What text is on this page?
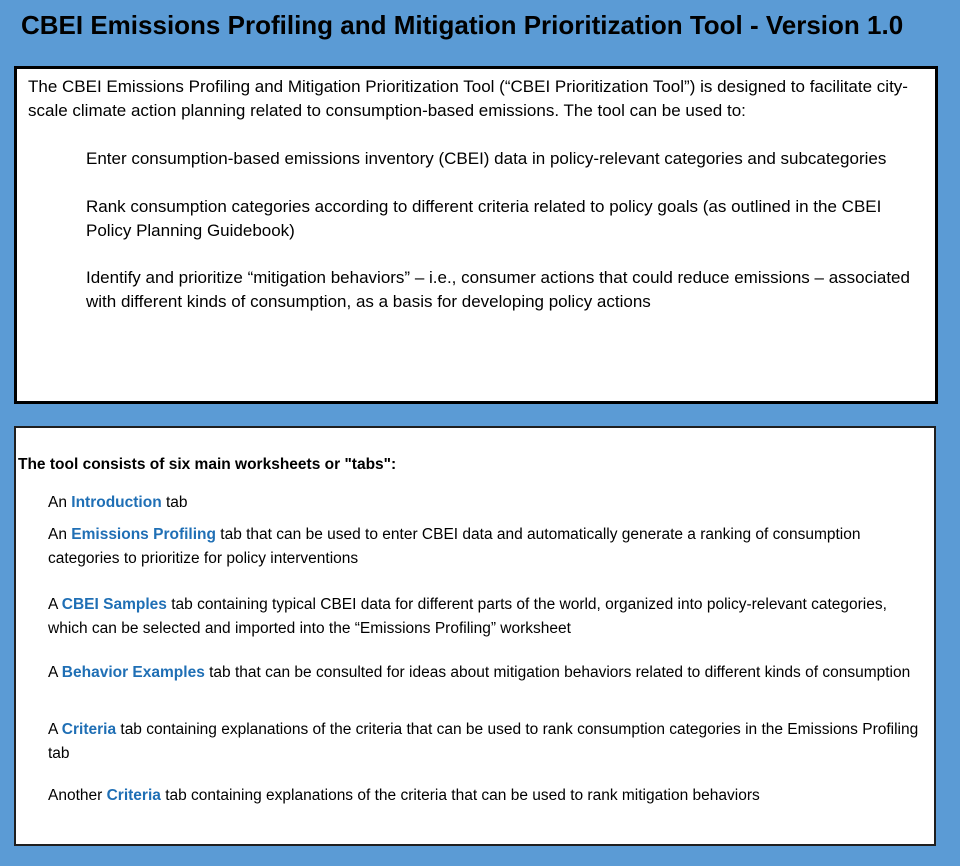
CBEI Emissions Profiling and Mitigation Prioritization Tool - Version 1.0
The CBEI Emissions Profiling and Mitigation Prioritization Tool (“CBEI Prioritization Tool”) is designed to facilitate city-scale climate action planning related to consumption-based emissions. The tool can be used to:
Enter consumption-based emissions inventory (CBEI) data in policy-relevant categories and subcategories
Rank consumption categories according to different criteria related to policy goals (as outlined in the CBEI Policy Planning Guidebook)
Identify and prioritize “mitigation behaviors” – i.e., consumer actions that could reduce emissions – associated with different kinds of consumption, as a basis for developing policy actions
The tool consists of six main worksheets or "tabs":
An Introduction tab
An Emissions Profiling tab that can be used to enter CBEI data and automatically generate a ranking of consumption categories to prioritize for policy interventions
A CBEI Samples tab containing typical CBEI data for different parts of the world, organized into policy-relevant categories, which can be selected and imported into the “Emissions Profiling” worksheet
A Behavior Examples tab that can be consulted for ideas about mitigation behaviors related to different kinds of consumption
A Criteria tab containing explanations of the criteria that can be used to rank consumption categories in the Emissions Profiling tab
Another Criteria tab containing explanations of the criteria that can be used to rank mitigation behaviors
